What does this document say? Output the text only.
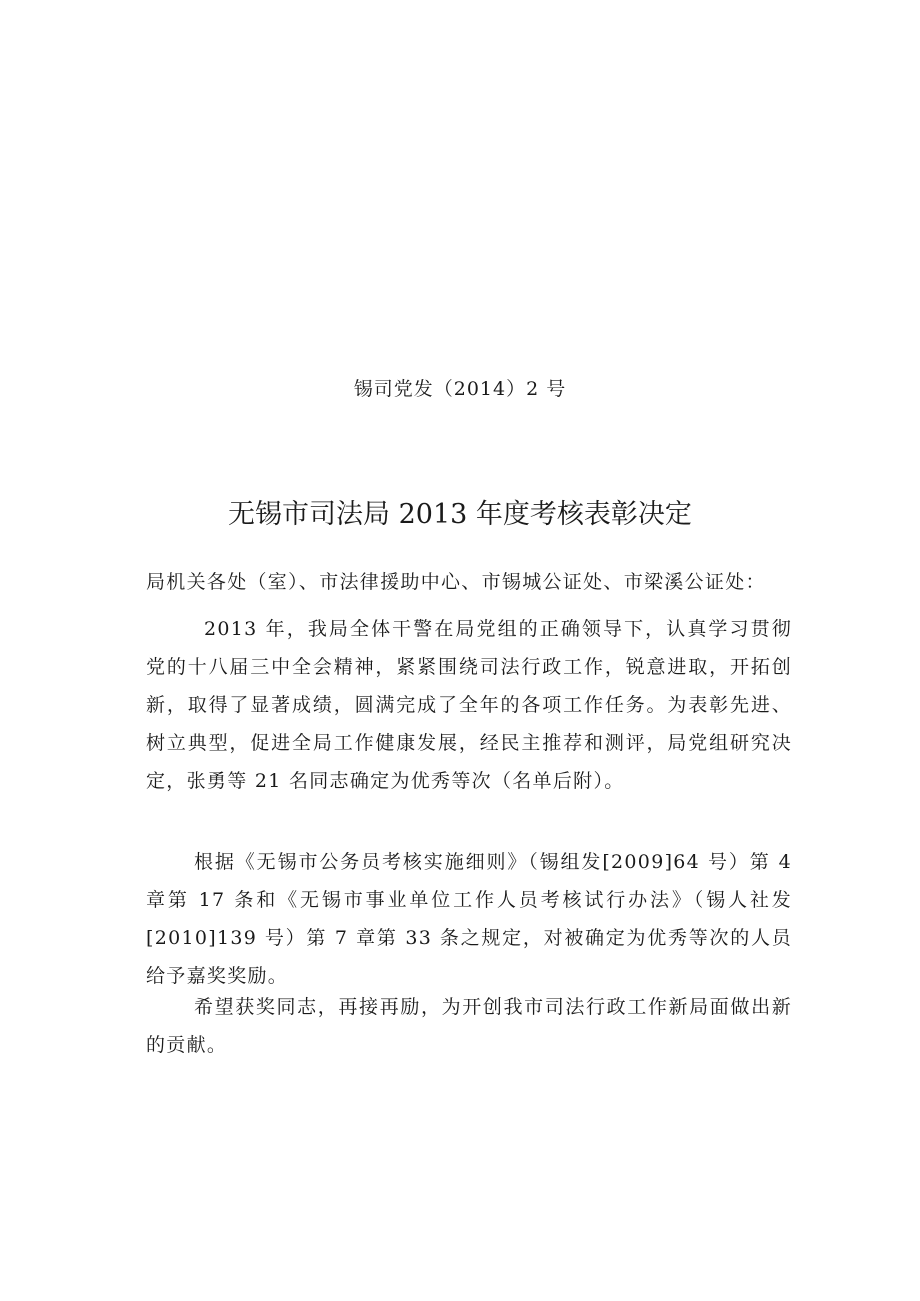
锡司党发（2014）2 号
无锡市司法局 2013 年度考核表彰决定
局机关各处（室）、市法律援助中心、市锡城公证处、市梁溪公证处：
2013 年，我局全体干警在局党组的正确领导下，认真学习贯彻党的十八届三中全会精神，紧紧围绕司法行政工作，锐意进取，开拓创新，取得了显著成绩，圆满完成了全年的各项工作任务。为表彰先进、树立典型，促进全局工作健康发展，经民主推荐和测评，局党组研究决定，张勇等 21 名同志确定为优秀等次（名单后附）。
根据《无锡市公务员考核实施细则》（锡组发[2009]64 号）第 4 章第 17 条和《无锡市事业单位工作人员考核试行办法》（锡人社发[2010]139 号）第 7 章第 33 条之规定，对被确定为优秀等次的人员给予嘉奖奖励。
希望获奖同志，再接再励，为开创我市司法行政工作新局面做出新的贡献。
